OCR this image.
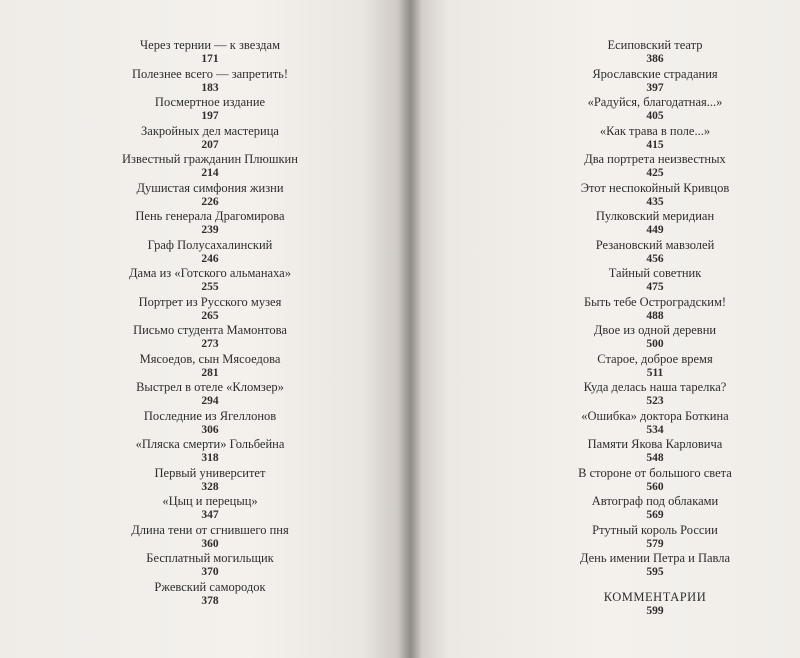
Через тернии — к звездам
171
Полезнее всего — запретить!
183
Посмертное издание
197
Закройных дел мастерица
207
Известный гражданин Плюшкин
214
Душистая симфония жизни
226
Пень генерала Драгомирова
239
Граф Полусахалинский
246
Дама из «Готского альманаха»
255
Портрет из Русского музея
265
Письмо студента Мамонтова
273
Мясоедов, сын Мясоедова
281
Выстрел в отеле «Кломзер»
294
Последние из Ягеллонов
306
«Пляска смерти» Гольбейна
318
Первый университет
328
«Цыц и перецыц»
347
Длина тени от сгнившего пня
360
Бесплатный могильщик
370
Ржевский самородок
378
Есиповский театр
386
Ярославские страдания
397
«Радуйся, благодатная...»
405
«Как трава в поле...»
415
Два портрета неизвестных
425
Этот неспокойный Кривцов
435
Пулковский меридиан
449
Резановский мавзолей
456
Тайный советник
475
Быть тебе Остроградским!
488
Двое из одной деревни
500
Старое, доброе время
511
Куда делась наша тарелка?
523
«Ошибка» доктора Боткина
534
Памяти Якова Карловича
548
В стороне от большого света
560
Автограф под облаками
569
Ртутный король России
579
День имении Петра и Павла
595
КОММЕНТАРИИ
599
